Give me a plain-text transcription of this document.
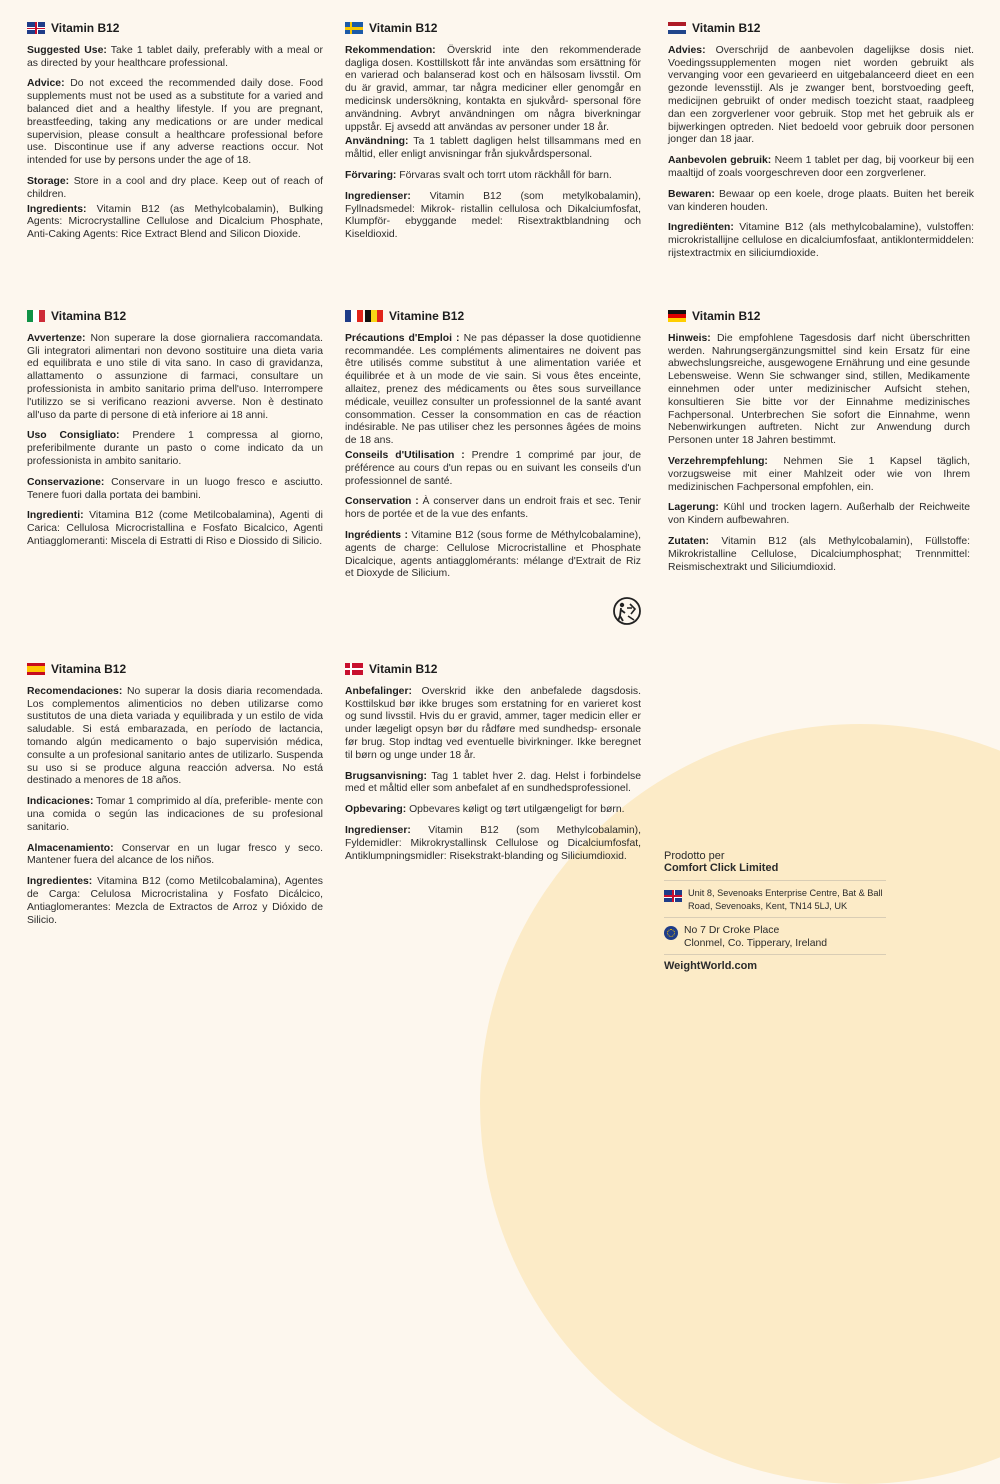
Vitamin B12

Suggested Use: Take 1 tablet daily, preferably with a meal or as directed by your healthcare professional.

Advice: Do not exceed the recommended daily dose. Food supplements must not be used as a substitute for a varied and balanced diet and a healthy lifestyle. If you are pregnant, breastfeeding, taking any medications or are under medical supervision, please consult a healthcare professional before use. Discontinue use if any adverse reactions occur. Not intended for use by persons under the age of 18.

Storage: Store in a cool and dry place. Keep out of reach of children.

Ingredients: Vitamin B12 (as Methylcobalamin), Bulking Agents: Microcrystalline Cellulose and Dicalcium Phosphate, Anti-Caking Agents: Rice Extract Blend and Silicon Dioxide.

Vitamin B12

Rekommendation: Överskrid inte den rekommenderade dagliga dosen. Kosttillskott får inte användas som ersättning för en varierad och balanserad kost och en hälsosam livsstil. Om du är gravid, ammar, tar några mediciner eller genomgår en medicinsk undersökning, kontakta en sjukvård- spersonal före användning. Avbryt användningen om några biverkningar uppstår. Ej avsedd att användas av personer under 18 år.

Användning: Ta 1 tablett dagligen helst tillsammans med en måltid, eller enligt anvisningar från sjukvårdspersonal.

Förvaring: Förvaras svalt och torrt utom räckhåll för barn.

Ingredienser: Vitamin B12 (som metylkobalamin), Fyllnadsmedel: Mikrok- ristallin cellulosa och Dikalciumfosfat, Klumpför- ebyggande medel: Risextraktblandning och Kiseldioxid.

Vitamin B12

Advies: Overschrijd de aanbevolen dagelijkse dosis niet. Voedingssupplementen mogen niet worden gebruikt als vervanging voor een gevarieerd en uitgebalanceerd dieet en een gezonde levensstijl. Als je zwanger bent, borstvoeding geeft, medicijnen gebruikt of onder medisch toezicht staat, raadpleeg dan een zorgverlener voor gebruik. Stop met het gebruik als er bijwerkingen optreden. Niet bedoeld voor gebruik door personen jonger dan 18 jaar.

Aanbevolen gebruik: Neem 1 tablet per dag, bij voorkeur bij een maaltijd of zoals voorgeschreven door een zorgverlener.

Bewaren: Bewaar op een koele, droge plaats. Buiten het bereik van kinderen houden.

Ingrediënten: Vitamine B12 (als methylcobalamine), vulstoffen: microkristallijne cellulose en dicalciumfosfaat, antiklontermiddelen: rijstextractmix en siliciumdioxide.

Vitamina B12

Avvertenze: Non superare la dose giornaliera raccomandata. Gli integratori alimentari non devono sostituire una dieta varia ed equilibrata e uno stile di vita sano. In caso di gravidanza, allattamento o assunzione di farmaci, consultare un professionista in ambito sanitario prima dell'uso. Interrompere l'utilizzo se si verificano reazioni avverse. Non è destinato all'uso da parte di persone di età inferiore ai 18 anni.

Uso Consigliato: Prendere 1 compressa al giorno, preferibilmente durante un pasto o come indicato da un professionista in ambito sanitario.

Conservazione: Conservare in un luogo fresco e asciutto. Tenere fuori dalla portata dei bambini.

Ingredienti: Vitamina B12 (come Metilcobalamina), Agenti di Carica: Cellulosa Microcristallina e Fosfato Bicalcico, Agenti Antiagglomeranti: Miscela di Estratti di Riso e Diossido di Silicio.

Vitamine B12

Précautions d'Emploi : Ne pas dépasser la dose quotidienne recommandée. Les compléments alimentaires ne doivent pas être utilisés comme substitut à une alimentation variée et équilibrée et à un mode de vie sain. Si vous êtes enceinte, allaitez, prenez des médicaments ou êtes sous surveillance médicale, veuillez consulter un professionnel de la santé avant consommation. Cesser la consommation en cas de réaction indésirable. Ne pas utiliser chez les personnes âgées de moins de 18 ans.

Conseils d'Utilisation : Prendre 1 comprimé par jour, de préférence au cours d'un repas ou en suivant les conseils d'un professionnel de santé.

Conservation : À conserver dans un endroit frais et sec. Tenir hors de portée et de la vue des enfants.

Ingrédients : Vitamine B12 (sous forme de Méthylcobalamine), agents de charge: Cellulose Microcristalline et Phosphate Dicalcique, agents antiagglomérants: mélange d'Extrait de Riz et Dioxyde de Silicium.

Vitamin B12

Hinweis: Die empfohlene Tagesdosis darf nicht überschritten werden. Nahrungsergänzungsmittel sind kein Ersatz für eine abwechslungsreiche, ausgewogene Ernährung und eine gesunde Lebensweise. Wenn Sie schwanger sind, stillen, Medikamente einnehmen oder unter medizinischer Aufsicht stehen, konsultieren Sie bitte vor der Einnahme medizinisches Fachpersonal. Unterbrechen Sie sofort die Einnahme, wenn Nebenwirkungen auftreten. Nicht zur Anwendung durch Personen unter 18 Jahren bestimmt.

Verzehrempfehlung: Nehmen Sie 1 Kapsel täglich, vorzugsweise mit einer Mahlzeit oder wie von Ihrem medizinischen Fachpersonal empfohlen, ein.

Lagerung: Kühl und trocken lagern. Außerhalb der Reichweite von Kindern aufbewahren.

Zutaten: Vitamin B12 (als Methylcobalamin), Füllstoffe: Mikrokristalline Cellulose, Dicalciumphosphat; Trennmittel: Reismischextrakt und Siliciumdioxid.

Vitamina B12

Recomendaciones: No superar la dosis diaria recomendada. Los complementos alimenticios no deben utilizarse como sustitutos de una dieta variada y equilibrada y un estilo de vida saludable. Si está embarazada, en período de lactancia, tomando algún medicamento o bajo supervisión médica, consulte a un profesional sanitario antes de utilizarlo. Suspenda su uso si se produce alguna reacción adversa. No está destinado a menores de 18 años.

Indicaciones: Tomar 1 comprimido al día, preferible- mente con una comida o según las indicaciones de su profesional sanitario.

Almacenamiento: Conservar en un lugar fresco y seco. Mantener fuera del alcance de los niños.

Ingredientes: Vitamina B12 (como Metilcobalamina), Agentes de Carga: Celulosa Microcristalina y Fosfato Dicálcico, Antiaglomerantes: Mezcla de Extractos de Arroz y Dióxido de Silicio.

Vitamin B12

Anbefalinger: Overskrid ikke den anbefalede dagsdosis. Kosttilskud bør ikke bruges som erstatning for en varieret kost og sund livsstil. Hvis du er gravid, ammer, tager medicin eller er under lægeligt opsyn bør du rådføre med sundhedsp- ersonale før brug. Stop indtag ved eventuelle bivirkninger. Ikke beregnet til børn og unge under 18 år.

Brugsanvisning: Tag 1 tablet hver 2. dag. Helst i forbindelse med et måltid eller som anbefalet af en sundhedsprofessionel.

Opbevaring: Opbevares køligt og tørt utilgængeligt for børn.

Ingredienser: Vitamin B12 (som Methylcobalamin), Fyldemidler: Mikrokrystallinsk Cellulose og Dicalciumfosfat, Antiklumpningsmidler: Risekstrakt-blanding og Siliciumdioxid.	Prodotto per
Comfort Click Limited
Unit 8, Sevenoaks Enterprise Centre, Bat & Ball Road, Sevenoaks, Kent, TN14 5LJ, UK
No 7 Dr Croke Place
Clonmel, Co. Tipperary, Ireland
WeightWorld.com
